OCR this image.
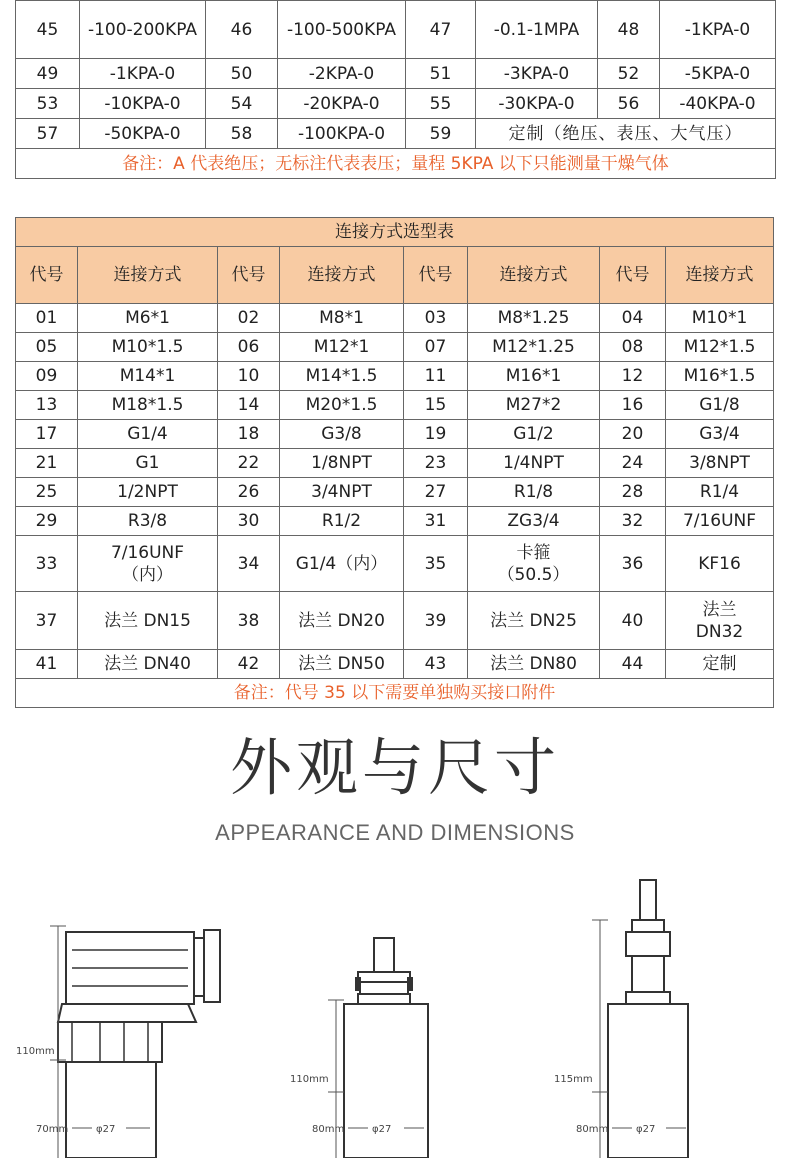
45	-100-200KPA	46	-100-500KPA	47	-0.1-1MPA	48	-1KPA-0
49	-1KPA-0	50	-2KPA-0	51	-3KPA-0	52	-5KPA-0
53	-10KPA-0	54	-20KPA-0	55	-30KPA-0	56	-40KPA-0
57	-50KPA-0	58	-100KPA-0	59	定制（绝压、表压、大气压）		
备注：A 代表绝压；无标注代表表压；量程 5KPA 以下只能测量干燥气体							
连接方式选型表							
代号	连接方式	代号	连接方式	代号	连接方式	代号	连接方式
01	M6*1	02	M8*1	03	M8*1.25	04	M10*1
05	M10*1.5	06	M12*1	07	M12*1.25	08	M12*1.5
09	M14*1	10	M14*1.5	11	M16*1	12	M16*1.5
13	M18*1.5	14	M20*1.5	15	M27*2	16	G1/8
17	G1/4	18	G3/8	19	G1/2	20	G3/4
21	G1	22	1/8NPT	23	1/4NPT	24	3/8NPT
25	1/2NPT	26	3/4NPT	27	R1/8	28	R1/4
29	R3/8	30	R1/2	31	ZG3/4	32	7/16UNF
33	7/16UNF（内）	34	G1/4（内）	35	卡箍（50.5）	36	KF16
37	法兰 DN15	38	法兰 DN20	39	法兰 DN25	40	法兰 DN32
41	法兰 DN40	42	法兰 DN50	43	法兰 DN80	44	定制
备注：代号 35 以下需要单独购买接口附件							
外观与尺寸
APPEARANCE AND DIMENSIONS
110mm
70mm	φ27
110mm
80mm	φ27
115mm
80mm	φ27
